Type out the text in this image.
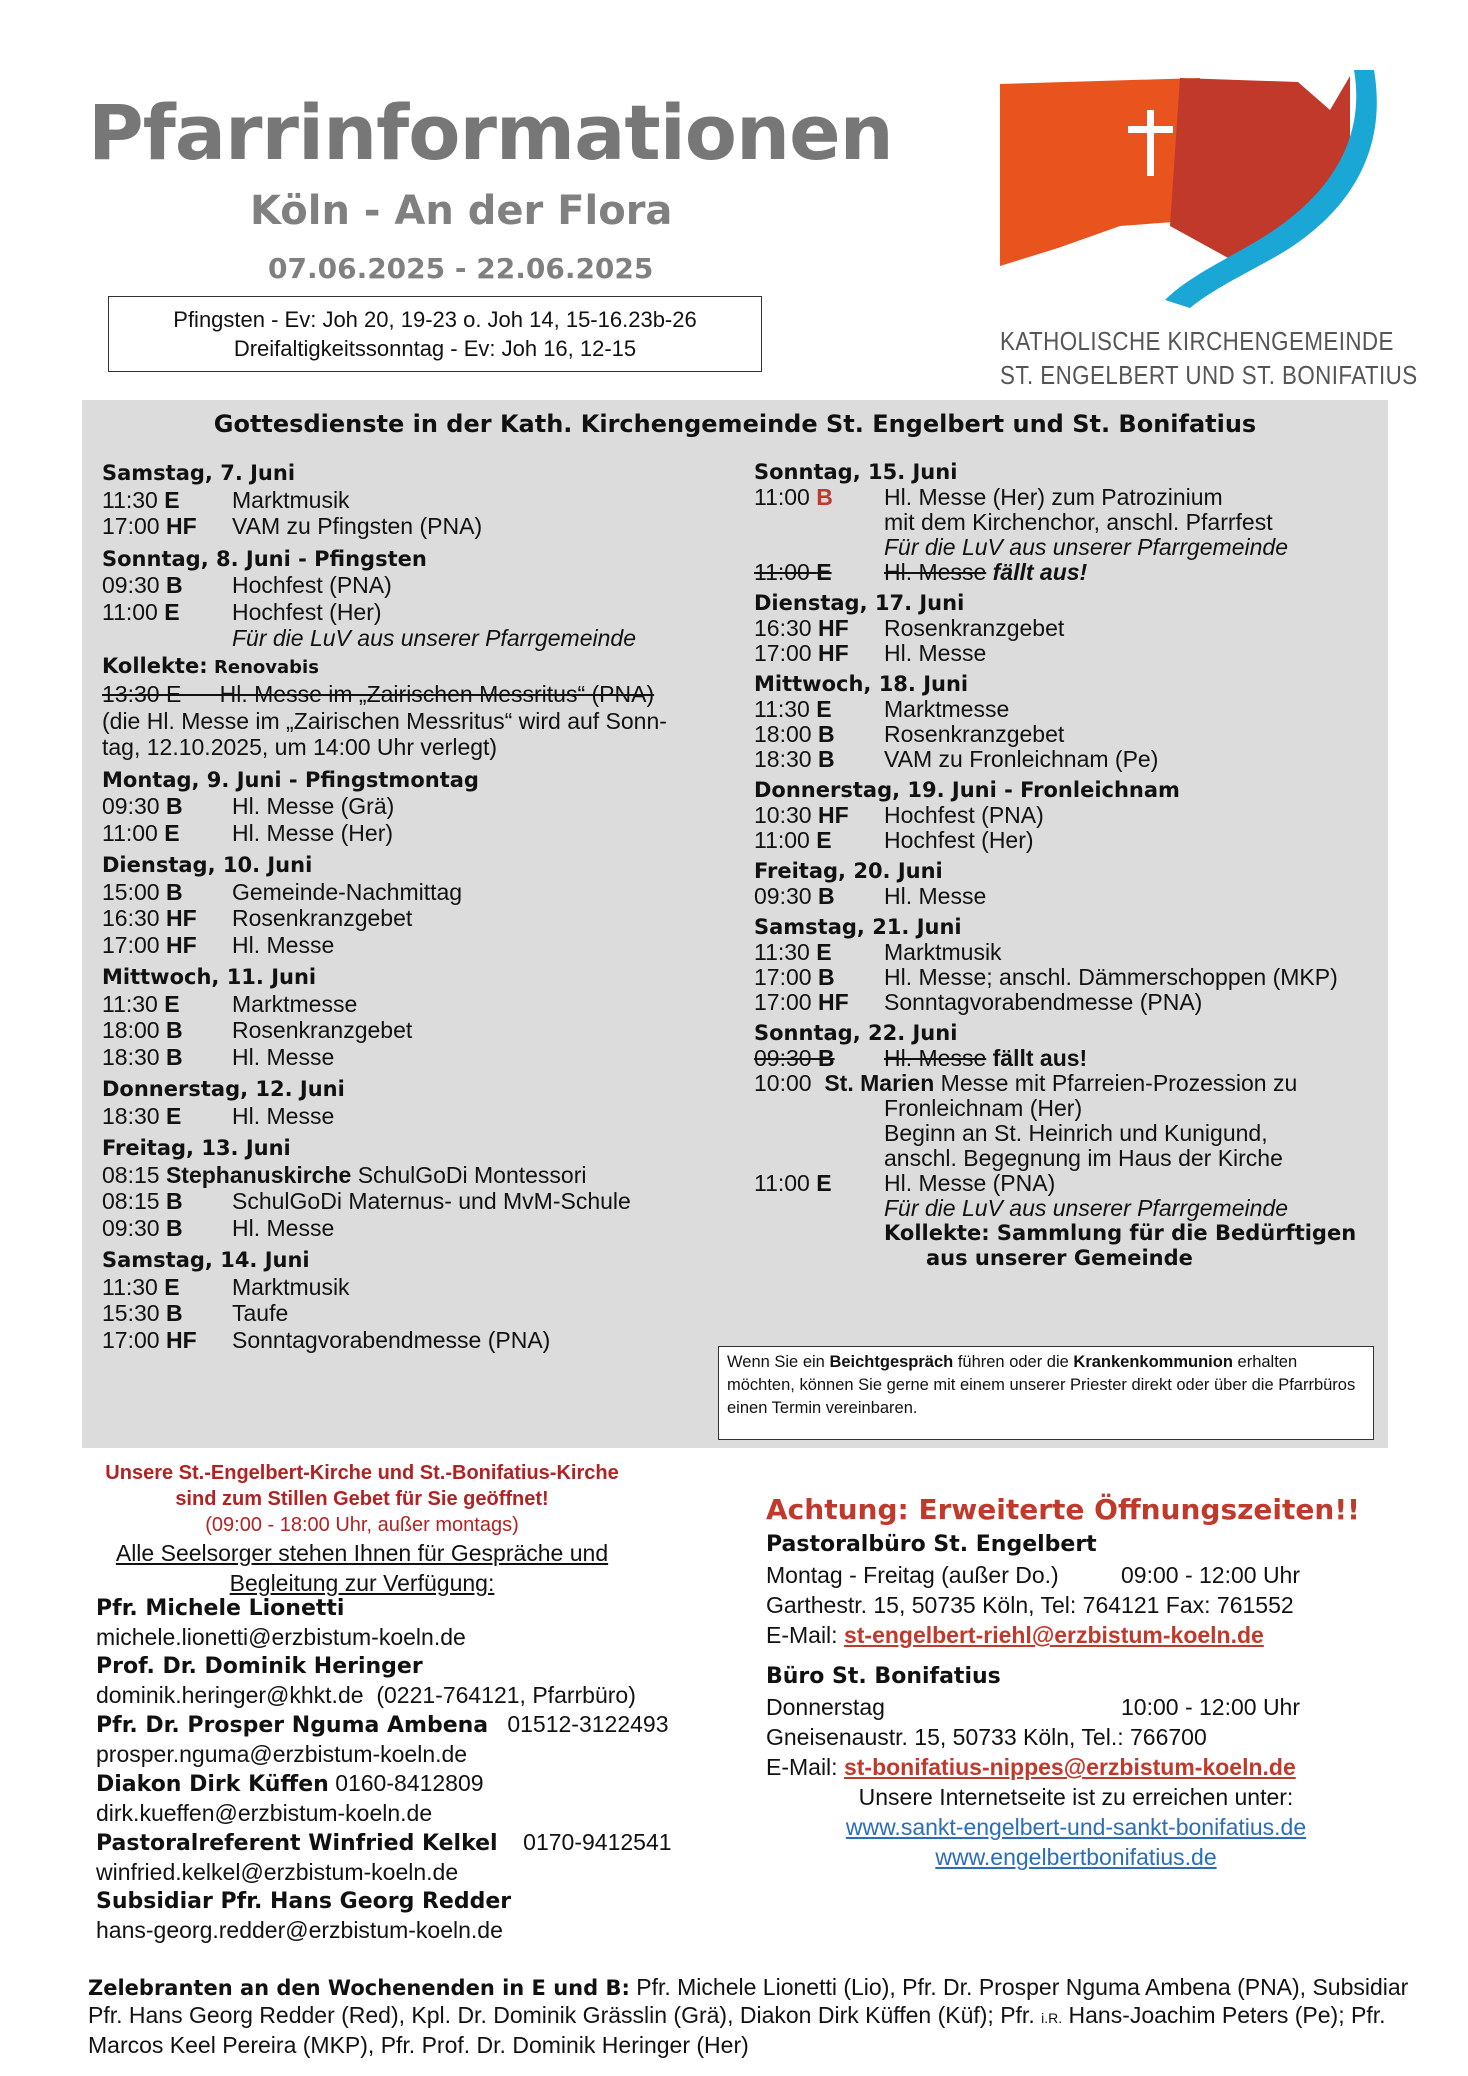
Pfarrinformationen
Köln - An der Flora
07.06.2025 - 22.06.2025
Pfingsten - Ev: Joh 20, 19-23 o. Joh 14, 15-16.23b-26
Dreifaltigkeitssonntag - Ev: Joh 16, 12-15	KATHOLISCHE KIRCHENGEMEINDE
ST. ENGELBERT UND ST. BONIFATIUS
Gottesdienste in der Kath. Kirchengemeinde St. Engelbert und St. Bonifatius
Samstag, 7. Juni
11:30 E	Marktmusik
17:00 HF	VAM zu Pfingsten (PNA)
Sonntag, 8. Juni - Pfingsten
09:30 B	Hochfest (PNA)
11:00 E	Hochfest (Her)
Für die LuV aus unserer Pfarrgemeinde
Kollekte: Renovabis
13:30 E      Hl. Messe im „Zairischen Messritus“ (PNA)
(die Hl. Messe im „Zairischen Messritus“ wird auf Sonn-
tag, 12.10.2025, um 14:00 Uhr verlegt)
Montag, 9. Juni - Pfingstmontag
09:30 B	Hl. Messe (Grä)
11:00 E	Hl. Messe (Her)
Dienstag, 10. Juni
15:00 B	Gemeinde-Nachmittag
16:30 HF	Rosenkranzgebet
17:00 HF	Hl. Messe
Mittwoch, 11. Juni
11:30 E	Marktmesse
18:00 B	Rosenkranzgebet
18:30 B	Hl. Messe
Donnerstag, 12. Juni
18:30 E	Hl. Messe
Freitag, 13. Juni
08:15 Stephanuskirche SchulGoDi Montessori
08:15 B	SchulGoDi Maternus- und MvM-Schule
09:30 B	Hl. Messe
Samstag, 14. Juni
11:30 E	Marktmusik
15:30 B	Taufe
17:00 HF	Sonntagvorabendmesse (PNA)
Sonntag, 15. Juni
11:00 B	Hl. Messe (Her) zum Patrozinium
mit dem Kirchenchor, anschl. Pfarrfest
Für die LuV aus unserer Pfarrgemeinde
11:00 E	Hl. Messe
fällt aus!
Dienstag, 17. Juni
16:30 HF	Rosenkranzgebet
17:00 HF	Hl. Messe
Mittwoch, 18. Juni
11:30 E	Marktmesse
18:00 B	Rosenkranzgebet
18:30 B	VAM zu Fronleichnam (Pe)
Donnerstag, 19. Juni - Fronleichnam
10:30 HF	Hochfest (PNA)
11:00 E	Hochfest (Her)
Freitag, 20. Juni
09:30 B	Hl. Messe
Samstag, 21. Juni
11:30 E	Marktmusik
17:00 B	Hl. Messe; anschl. Dämmerschoppen (MKP)
17:00 HF	Sonntagvorabendmesse (PNA)
Sonntag, 22. Juni
09:30 B	Hl. Messe
fällt aus!
10:00 St. Marien Messe mit Pfarreien-Prozession zu
Fronleichnam (Her)
Beginn an St. Heinrich und Kunigund,
anschl. Begegnung im Haus der Kirche
11:00 E	Hl. Messe (PNA)
Für die LuV aus unserer Pfarrgemeinde
Kollekte: Sammlung für die Bedürftigen
aus unserer Gemeinde
Wenn Sie ein Beichtgespräch führen oder die Krankenkommunion erhalten möchten, können Sie gerne mit einem unserer Priester direkt oder über die Pfarrbüros einen Termin vereinbaren.
Unsere St.-Engelbert-Kirche und St.-Bonifatius-Kirche
sind zum Stillen Gebet für Sie geöffnet!
(09:00 - 18:00 Uhr, außer montags)
Alle Seelsorger stehen Ihnen für Gespräche und
Begleitung zur Verfügung:
Pfr. Michele Lionetti
michele.lionetti@erzbistum-koeln.de
Prof. Dr. Dominik Heringer
dominik.heringer@khkt.de (0221-764121, Pfarrbüro)
Pfr. Dr. Prosper Nguma Ambena 01512-3122493
prosper.nguma@erzbistum-koeln.de
Diakon Dirk Küffen 0160-8412809
dirk.kueffen@erzbistum-koeln.de
Pastoralreferent Winfried Kelkel 0170-9412541
winfried.kelkel@erzbistum-koeln.de
Subsidiar Pfr. Hans Georg Redder
hans-georg.redder@erzbistum-koeln.de
Achtung: Erweiterte Öffnungszeiten!!
Pastoralbüro St. Engelbert
Montag - Freitag (außer Do.)	09:00 - 12:00 Uhr
Garthestr. 15, 50735 Köln, Tel: 764121 Fax: 761552
E-Mail: st-engelbert-riehl@erzbistum-koeln.de
Büro St. Bonifatius
Donnerstag	10:00 - 12:00 Uhr
Gneisenaustr. 15, 50733 Köln, Tel.: 766700
E-Mail: st-bonifatius-nippes@erzbistum-koeln.de
Unsere Internetseite ist zu erreichen unter:
www.sankt-engelbert-und-sankt-bonifatius.de
www.engelbertbonifatius.de
Zelebranten an den Wochenenden in E und B: Pfr. Michele Lionetti (Lio), Pfr. Dr. Prosper Nguma Ambena (PNA), Subsidiar Pfr. Hans Georg Redder (Red), Kpl. Dr. Dominik Grässlin (Grä), Diakon Dirk Küffen (Küf); Pfr. i.R. Hans-Joachim Peters (Pe); Pfr. Marcos Keel Pereira (MKP), Pfr. Prof. Dr. Dominik Heringer (Her)
